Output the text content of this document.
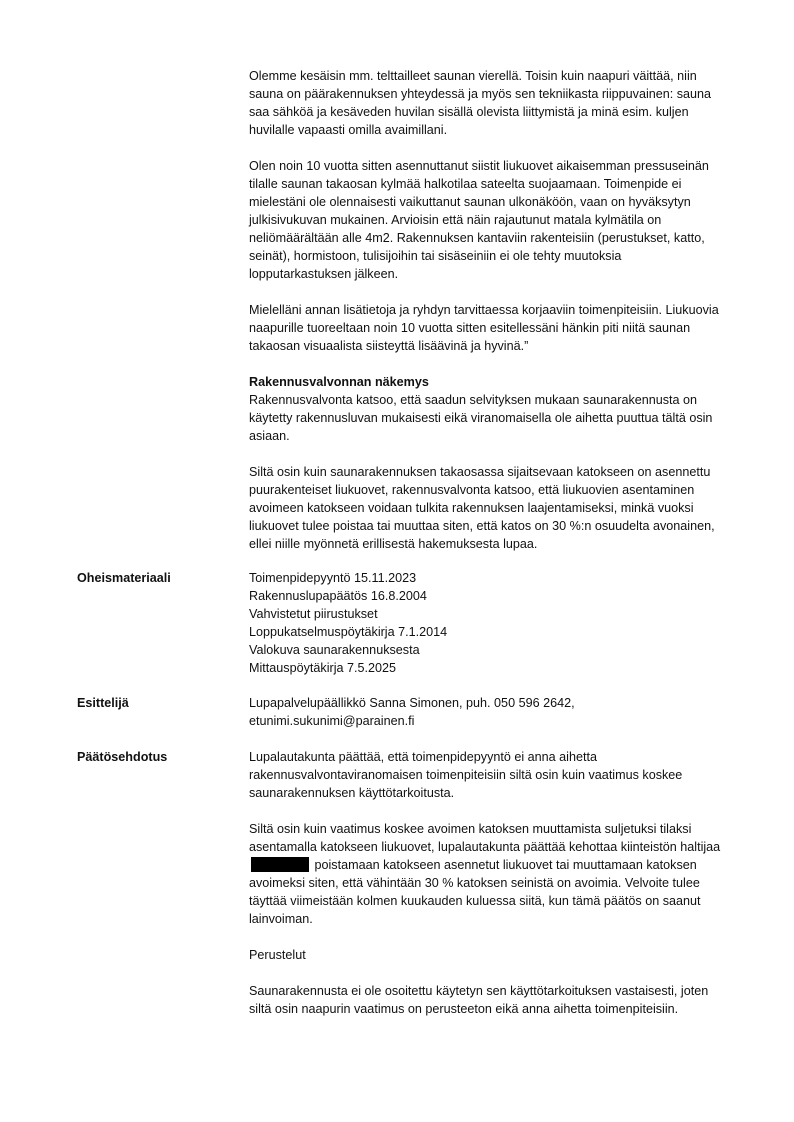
Olemme kesäisin mm. telttailleet saunan vierellä. Toisin kuin naapuri väittää, niin sauna on päärakennuksen yhteydessä ja myös sen tekniikasta riippuvainen: sauna saa sähköä ja kesäveden huvilan sisällä olevista liittymistä ja minä esim. kuljen huvilalle vapaasti omilla avaimillani.

Olen noin 10 vuotta sitten asennuttanut siistit liukuovet aikaisemman pressuseinän tilalle saunan takaosan kylmää halkotilaa sateelta suojaamaan. Toimenpide ei mielestäni ole olennaisesti vaikuttanut saunan ulkonäköön, vaan on hyväksytyn julkisivukuvan mukainen. Arvioisin että näin rajautunut matala kylmätila on neliömäärältään alle 4m2. Rakennuksen kantaviin rakenteisiin (perustukset, katto, seinät), hormistoon, tulisijoihin tai sisäseiniin ei ole tehty muutoksia lopputarkastuksen jälkeen.

Mielelläni annan lisätietoja ja ryhdyn tarvittaessa korjaaviin toimenpiteisiin. Liukuovia naapurille tuoreeltaan noin 10 vuotta sitten esitellessäni hänkin piti niitä saunan takaosan visuaalista siisteyttä lisäävinä ja hyvinä.”

Rakennusvalvonnan näkemys

Rakennusvalvonta katsoo, että saadun selvityksen mukaan saunarakennusta on käytetty rakennusluvan mukaisesti eikä viranomaisella ole aihetta puuttua tältä osin asiaan.

Siltä osin kuin saunarakennuksen takaosassa sijaitsevaan katokseen on asennettu puurakenteiset liukuovet, rakennusvalvonta katsoo, että liukuovien asentaminen avoimeen katokseen voidaan tulkita rakennuksen laajentamiseksi, minkä vuoksi liukuovet tulee poistaa tai muuttaa siten, että katos on 30 %:n osuudelta avonainen, ellei niille myönnetä erillisestä hakemuksesta lupaa.

Oheismateriaali	Toimenpidepyyntö 15.11.2023
Rakennuslupapäätös 16.8.2004
Vahvistetut piirustukset
Loppukatselmuspöytäkirja 7.1.2014
Valokuva saunarakennuksesta
Mittauspöytäkirja 7.5.2025
Esittelijä	Lupapalvelupäällikkö Sanna Simonen, puh. 050 596 2642,
etunimi.sukunimi@parainen.fi
Päätösehdotus	Lupalautakunta päättää, että toimenpidepyyntö ei anna aihetta rakennusvalvontaviranomaisen toimenpiteisiin siltä osin kuin vaatimus koskee saunarakennuksen käyttötarkoitusta.

Siltä osin kuin vaatimus koskee avoimen katoksen muuttamista suljetuksi tilaksi asentamalla katokseen liukuovet, lupalautakunta päättää kehottaa kiinteistön haltijaa  poistamaan katokseen asennetut liukuovet tai muuttamaan katoksen avoimeksi siten, että vähintään 30 % katoksen seinistä on avoimia. Velvoite tulee täyttää viimeistään kolmen kuukauden kuluessa siitä, kun tämä päätös on saanut lainvoiman.

Perustelut

Saunarakennusta ei ole osoitettu käytetyn sen käyttötarkoituksen vastaisesti, joten siltä osin naapurin vaatimus on perusteeton eikä anna aihetta toimenpiteisiin.
